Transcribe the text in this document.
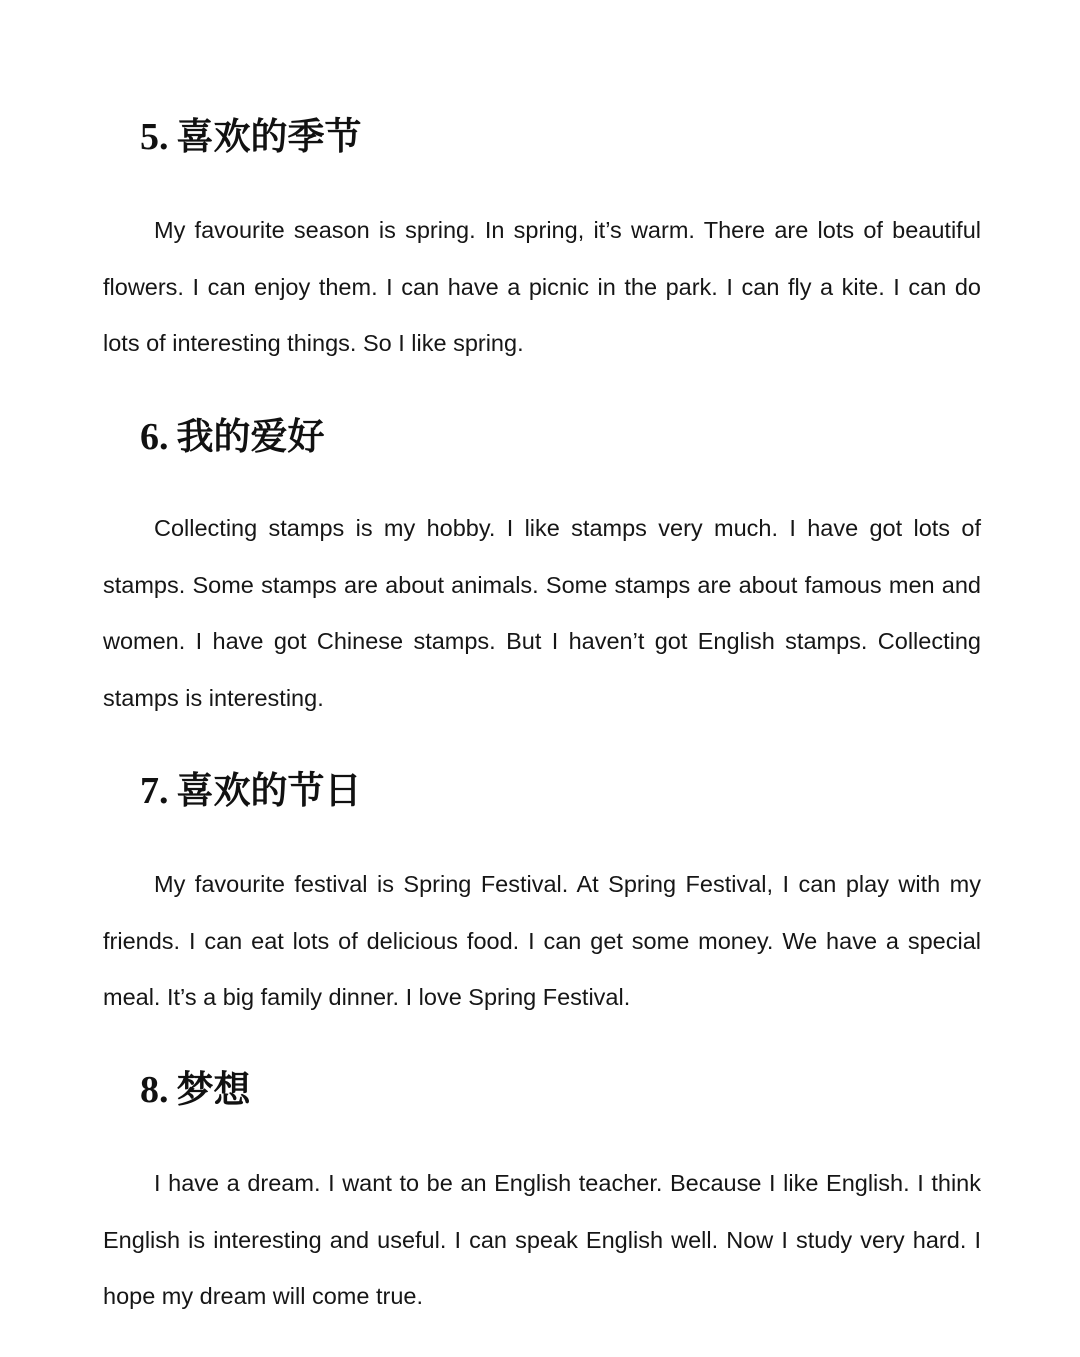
5. 喜欢的季节

My favourite season is spring. In spring, it’s warm. There are lots of beautiful flowers. I can enjoy them. I can have a picnic in the park. I can fly a kite. I can do lots of interesting things. So I like spring.

6. 我的爱好

Collecting stamps is my hobby. I like stamps very much. I have got lots of stamps. Some stamps are about animals. Some stamps are about famous men and women. I have got Chinese stamps. But I haven’t got English stamps. Collecting stamps is interesting.

7. 喜欢的节日

My favourite festival is Spring Festival. At Spring Festival, I can play with my friends. I can eat lots of delicious food. I can get some money. We have a special meal. It’s a big family dinner. I love Spring Festival.

8. 梦想

I have a dream. I want to be an English teacher. Because I like English. I think English is interesting and useful. I can speak English well. Now I study very hard. I hope my dream will come true.
